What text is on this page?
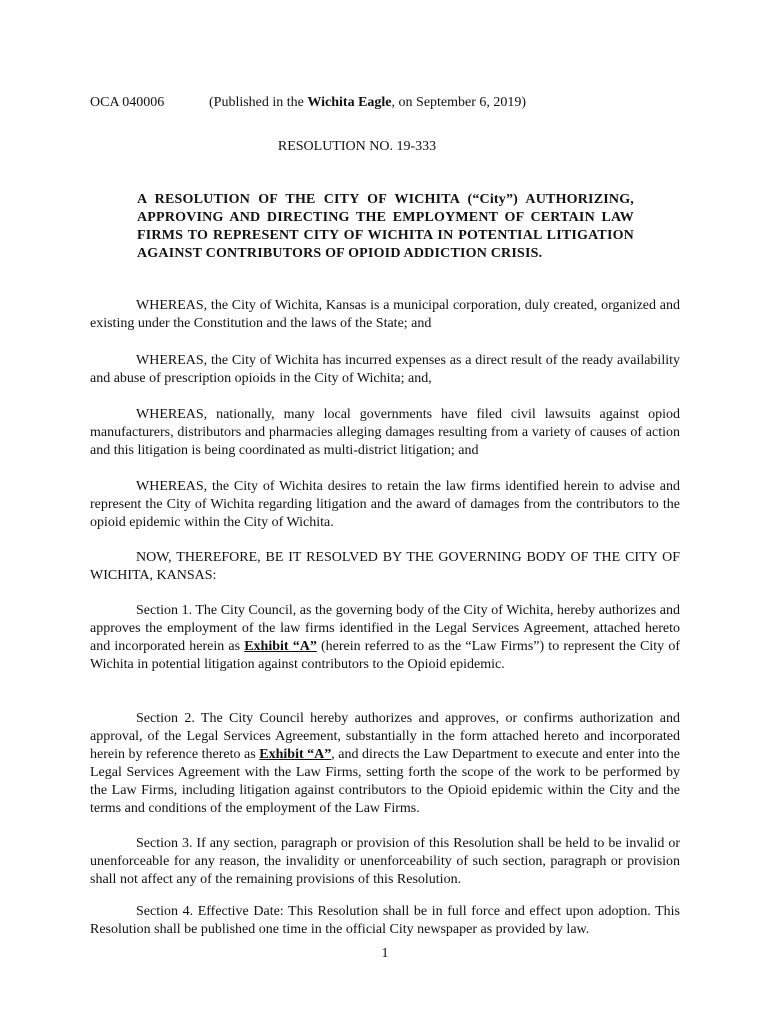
OCA 040006	(Published in the Wichita Eagle, on September 6, 2019)
RESOLUTION NO. 19-333
A RESOLUTION OF THE CITY OF WICHITA (“City”) AUTHORIZING, APPROVING AND DIRECTING THE EMPLOYMENT OF CERTAIN LAW FIRMS TO REPRESENT CITY OF WICHITA IN POTENTIAL LITIGATION AGAINST CONTRIBUTORS OF OPIOID ADDICTION CRISIS.
WHEREAS, the City of Wichita, Kansas is a municipal corporation, duly created, organized and existing under the Constitution and the laws of the State; and
WHEREAS, the City of Wichita has incurred expenses as a direct result of the ready availability and abuse of prescription opioids in the City of Wichita; and,
WHEREAS, nationally, many local governments have filed civil lawsuits against opiod manufacturers, distributors and pharmacies alleging damages resulting from a variety of causes of action and this litigation is being coordinated as multi-district litigation; and
WHEREAS, the City of Wichita desires to retain the law firms identified herein to advise and represent the City of Wichita regarding litigation and the award of damages from the contributors to the opioid epidemic within the City of Wichita.
NOW, THEREFORE, BE IT RESOLVED BY THE GOVERNING BODY OF THE CITY OF WICHITA, KANSAS:
Section 1. The City Council, as the governing body of the City of Wichita, hereby authorizes and approves the employment of the law firms identified in the Legal Services Agreement, attached hereto and incorporated herein as Exhibit “A” (herein referred to as the “Law Firms”) to represent the City of Wichita in potential litigation against contributors to the Opioid epidemic.
Section 2. The City Council hereby authorizes and approves, or confirms authorization and approval, of the Legal Services Agreement, substantially in the form attached hereto and incorporated herein by reference thereto as Exhibit “A”, and directs the Law Department to execute and enter into the Legal Services Agreement with the Law Firms, setting forth the scope of the work to be performed by the Law Firms, including litigation against contributors to the Opioid epidemic within the City and the terms and conditions of the employment of the Law Firms.
Section 3. If any section, paragraph or provision of this Resolution shall be held to be invalid or unenforceable for any reason, the invalidity or unenforceability of such section, paragraph or provision shall not affect any of the remaining provisions of this Resolution.
Section 4. Effective Date: This Resolution shall be in full force and effect upon adoption. This Resolution shall be published one time in the official City newspaper as provided by law.
1
